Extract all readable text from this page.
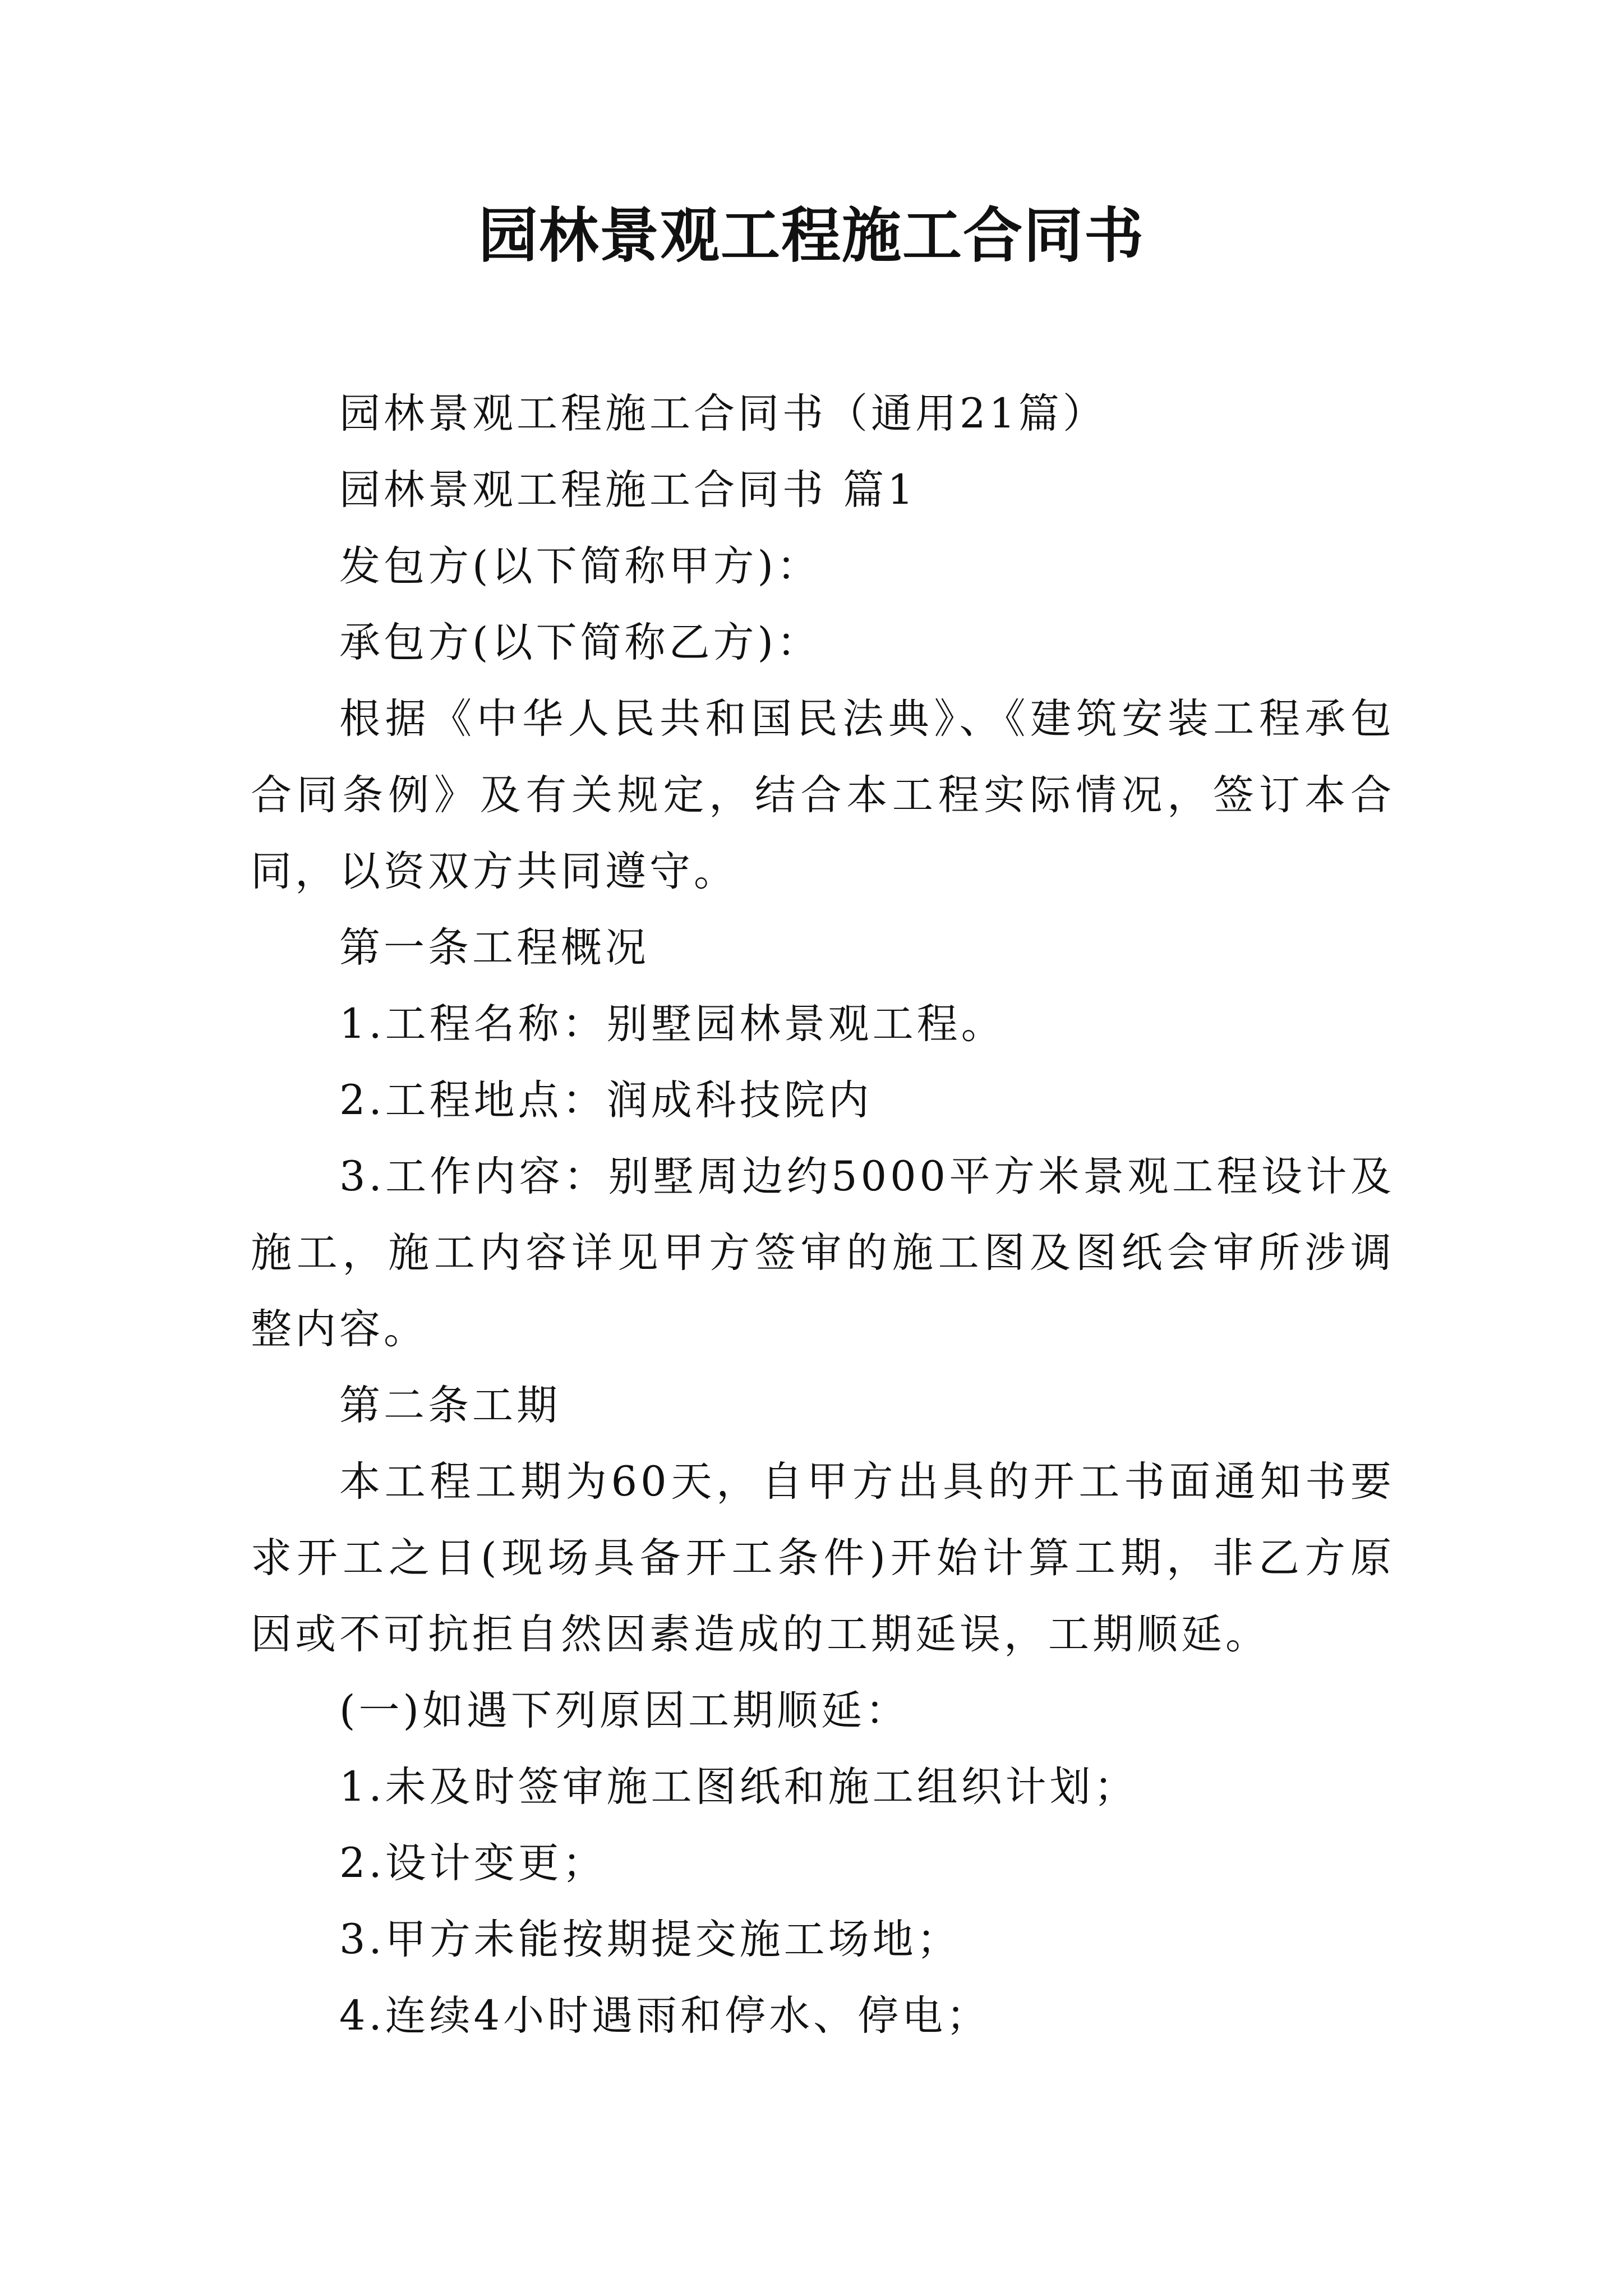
园林景观工程施工合同书

园林景观工程施工合同书（通用21篇）

园林景观工程施工合同书 篇1

发包方(以下简称甲方)：

承包方(以下简称乙方)：

根据《中华人民共和国民法典》、《建筑安装工程承包合同条例》及有关规定，结合本工程实际情况，签订本合同，以资双方共同遵守。

第一条工程概况

1.工程名称：别墅园林景观工程。

2.工程地点：润成科技院内

3.工作内容：别墅周边约5000平方米景观工程设计及施工，施工内容详见甲方签审的施工图及图纸会审所涉调整内容。

第二条工期

本工程工期为60天，自甲方出具的开工书面通知书要求开工之日(现场具备开工条件)开始计算工期，非乙方原因或不可抗拒自然因素造成的工期延误，工期顺延。

(一)如遇下列原因工期顺延：

1.未及时签审施工图纸和施工组织计划；

2.设计变更；

3.甲方未能按期提交施工场地；

4.连续4小时遇雨和停水、停电；
